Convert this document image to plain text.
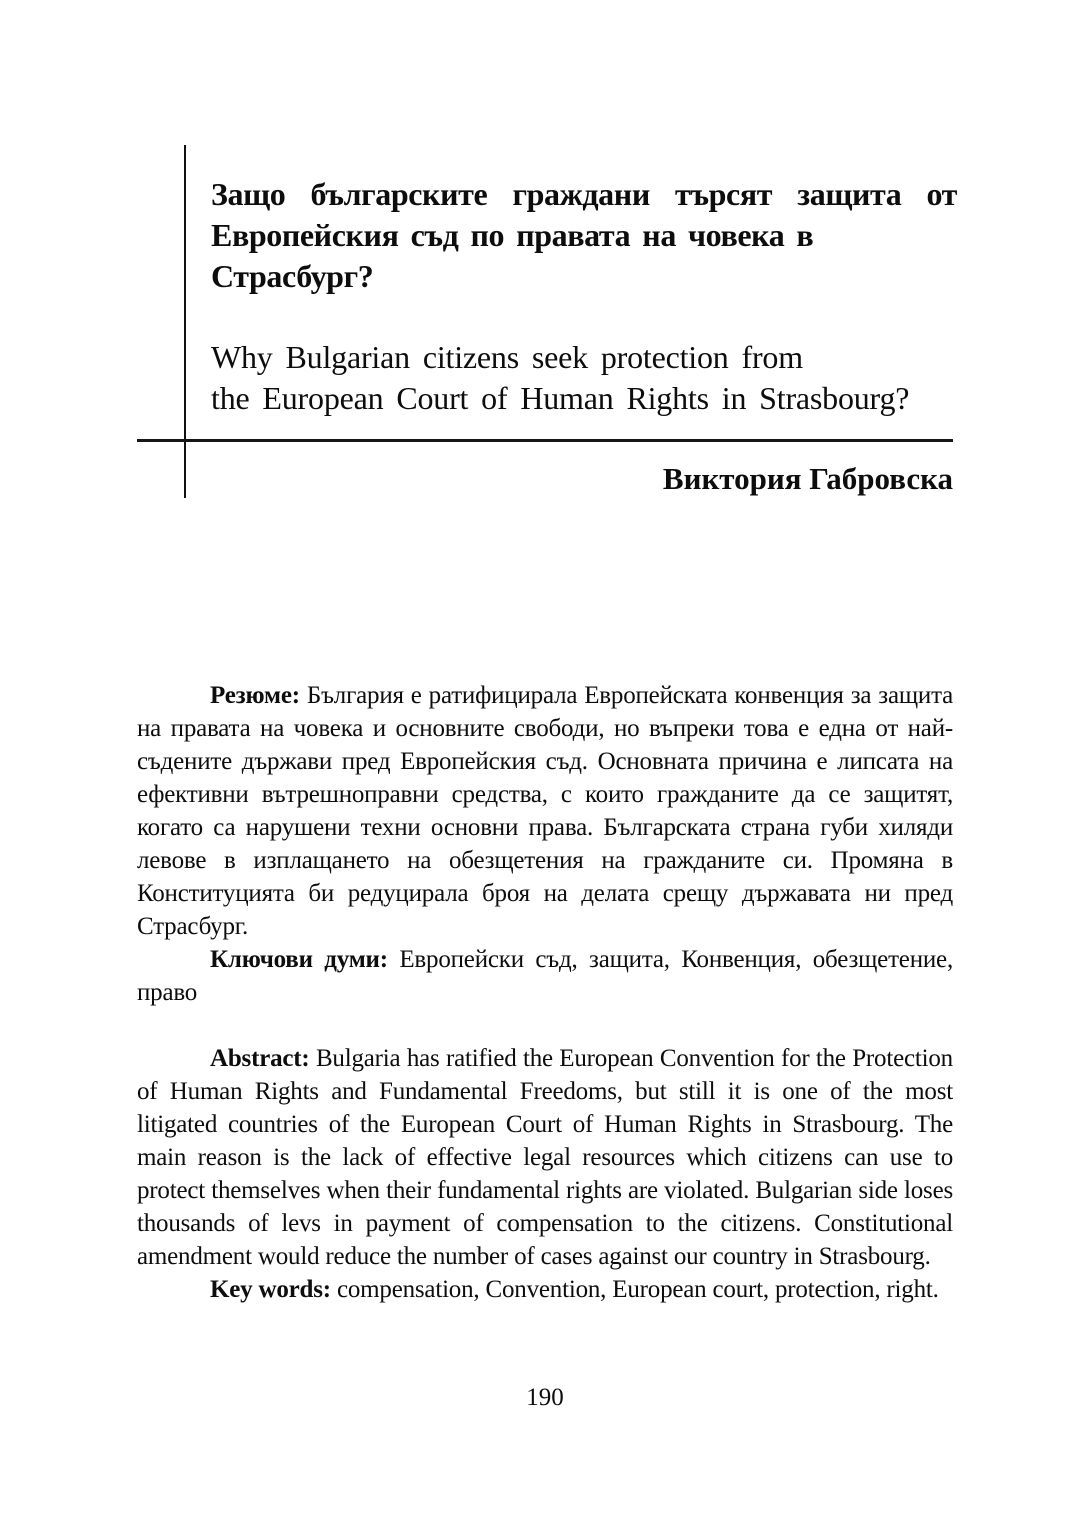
Защо българските граждани търсят защита от
Европейския съд по правата на човека в
Страсбург?
Why Bulgarian citizens seek protection from
the European Court of Human Rights in Strasbourg?
Виктория Габровска

Резюме: България е ратифицирала Европейската конвенция за защита на правата на човека и основните свободи, но въпреки това е една от най-съдените държави пред Европейския съд. Основната причина е липсата на ефективни вътрешноправни средства, с които гражданите да се защитят, когато са нарушени техни основни права. Българската страна губи хиляди левове в изплащането на обезщетения на гражданите си. Промяна в Конституцията би редуцирала броя на делата срещу държавата ни пред Страсбург.

Ключови думи: Европейски съд, защита, Конвенция, обезщетение, право

Abstract: Bulgaria has ratified the European Convention for the Protection of Human Rights and Fundamental Freedoms, but still it is one of the most litigated countries of the European Court of Human Rights in Strasbourg. The main reason is the lack of effective legal resources which citizens can use to protect themselves when their fundamental rights are violated. Bulgarian side loses thousands of levs in payment of compensation to the citizens. Constitutional amendment would reduce the number of cases against our country in Strasbourg.

Key words: compensation, Convention, European court, protection, right.

190
